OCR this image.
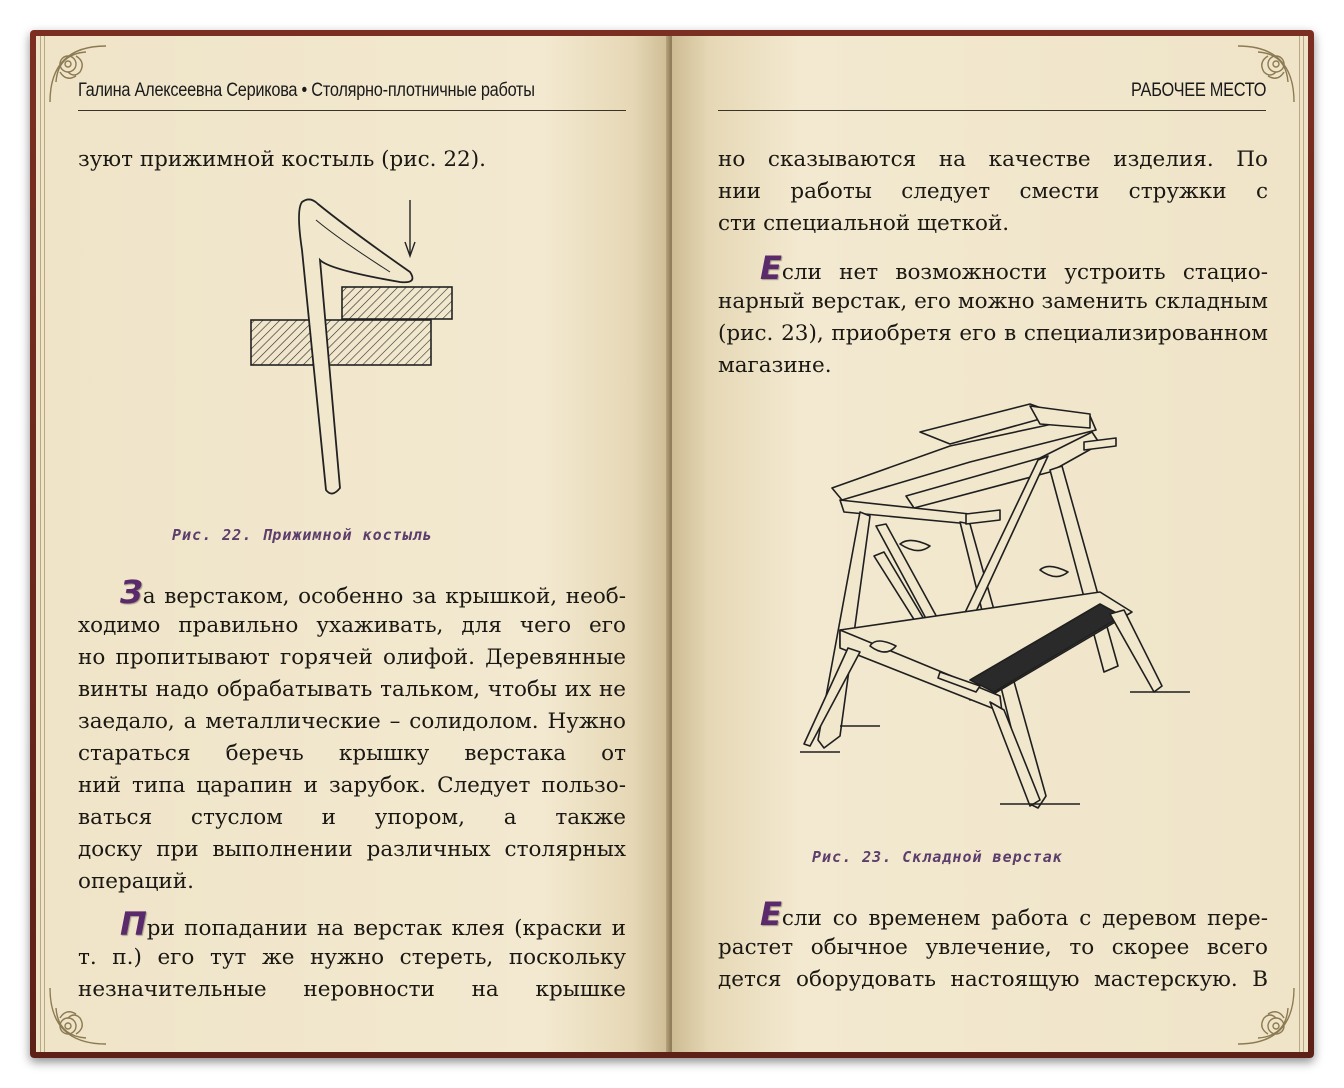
Галина Алексеевна Серикова • Столярно-плотничные работы
зуют прижимной костыль (рис. 22).
Рис. 22. Прижимной костыль
За верстаком, особенно за крышкой, необ-
ходимо правильно ухаживать, для чего его
но пропитывают горячей олифой. Деревянные
винты надо обрабатывать тальком, чтобы их не
заедало, а металлические – солидолом. Нужно
стараться беречь крышку верстака от
ний типа царапин и зарубок. Следует пользо-
ваться стуслом и упором, а также
доску при выполнении различных столярных
операций.
При попадании на верстак клея (краски и
т. п.) его тут же нужно стереть, поскольку
незначительные неровности на крышке
РАБОЧЕЕ МЕСТО
но сказываются на качестве изделия. По
нии работы следует смести стружки с
сти специальной щеткой.
Если нет возможности устроить стацио-
нарный верстак, его можно заменить складным
(рис. 23), приобретя его в специализированном
магазине.
Рис. 23. Складной верстак
Если со временем работа с деревом пере-
растет обычное увлечение, то скорее всего
дется оборудовать настоящую мастерскую. В
